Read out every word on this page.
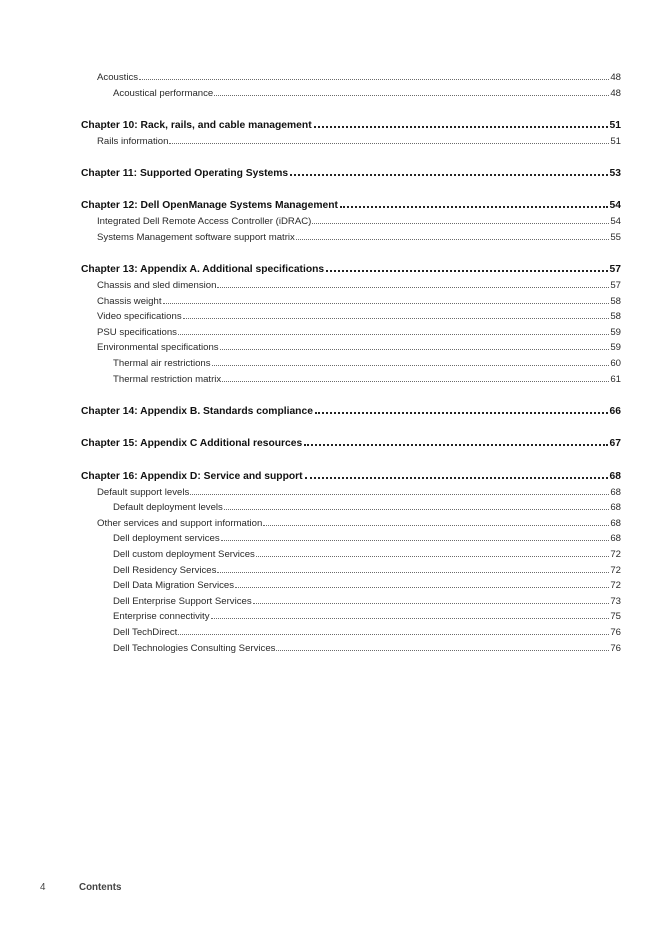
Acoustics	48
Acoustical performance	48
Chapter 10: Rack, rails, and cable management	51
Rails information	51
Chapter 11: Supported Operating Systems	53
Chapter 12: Dell OpenManage Systems Management	54
Integrated Dell Remote Access Controller (iDRAC)	54
Systems Management software support matrix	55
Chapter 13: Appendix A. Additional specifications	57
Chassis and sled dimension	57
Chassis weight	58
Video specifications	58
PSU specifications	59
Environmental specifications	59
Thermal air restrictions	60
Thermal restriction matrix	61
Chapter 14: Appendix B. Standards compliance	66
Chapter 15: Appendix C Additional resources	67
Chapter 16: Appendix D: Service and support	68
Default support levels	68
Default deployment levels	68
Other services and support information	68
Dell deployment services	68
Dell custom deployment Services	72
Dell Residency Services	72
Dell Data Migration Services	72
Dell Enterprise Support Services	73
Enterprise connectivity	75
Dell TechDirect	76
Dell Technologies Consulting Services	76
4	Contents
